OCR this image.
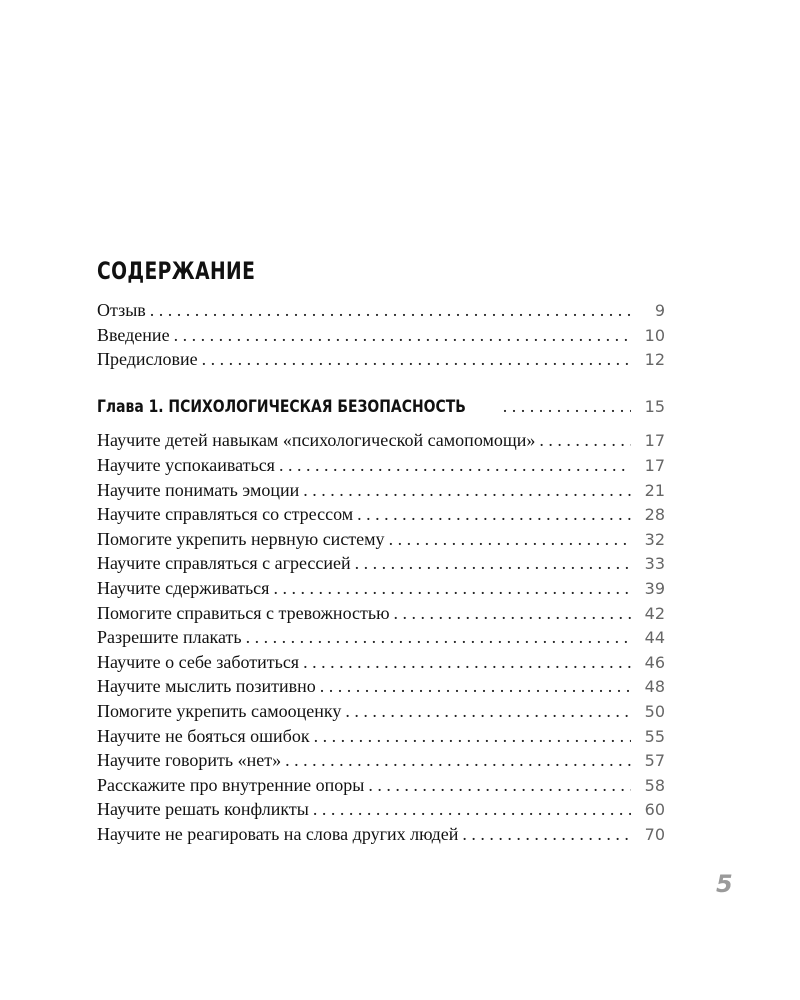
СОДЕРЖАНИЕ
Отзыв . . .	9
Введение . . .	10
Предисловие . . .	12
Глава 1. ПСИХОЛОГИЧЕСКАЯ БЕЗОПАСНОСТЬ . . .	15
Научите детей навыкам «психологической самопомощи» . . .	17
Научите успокаиваться . . .	17
Научите понимать эмоции . . .	21
Научите справляться со стрессом . . .	28
Помогите укрепить нервную систему . . .	32
Научите справляться с агрессией . . .	33
Научите сдерживаться . . .	39
Помогите справиться с тревожностью . . .	42
Разрешите плакать . . .	44
Научите о себе заботиться . . .	46
Научите мыслить позитивно . . .	48
Помогите укрепить самооценку . . .	50
Научите не бояться ошибок . . .	55
Научите говорить «нет» . . .	57
Расскажите про внутренние опоры . . .	58
Научите решать конфликты . . .	60
Научите не реагировать на слова других людей . . .	70
5
